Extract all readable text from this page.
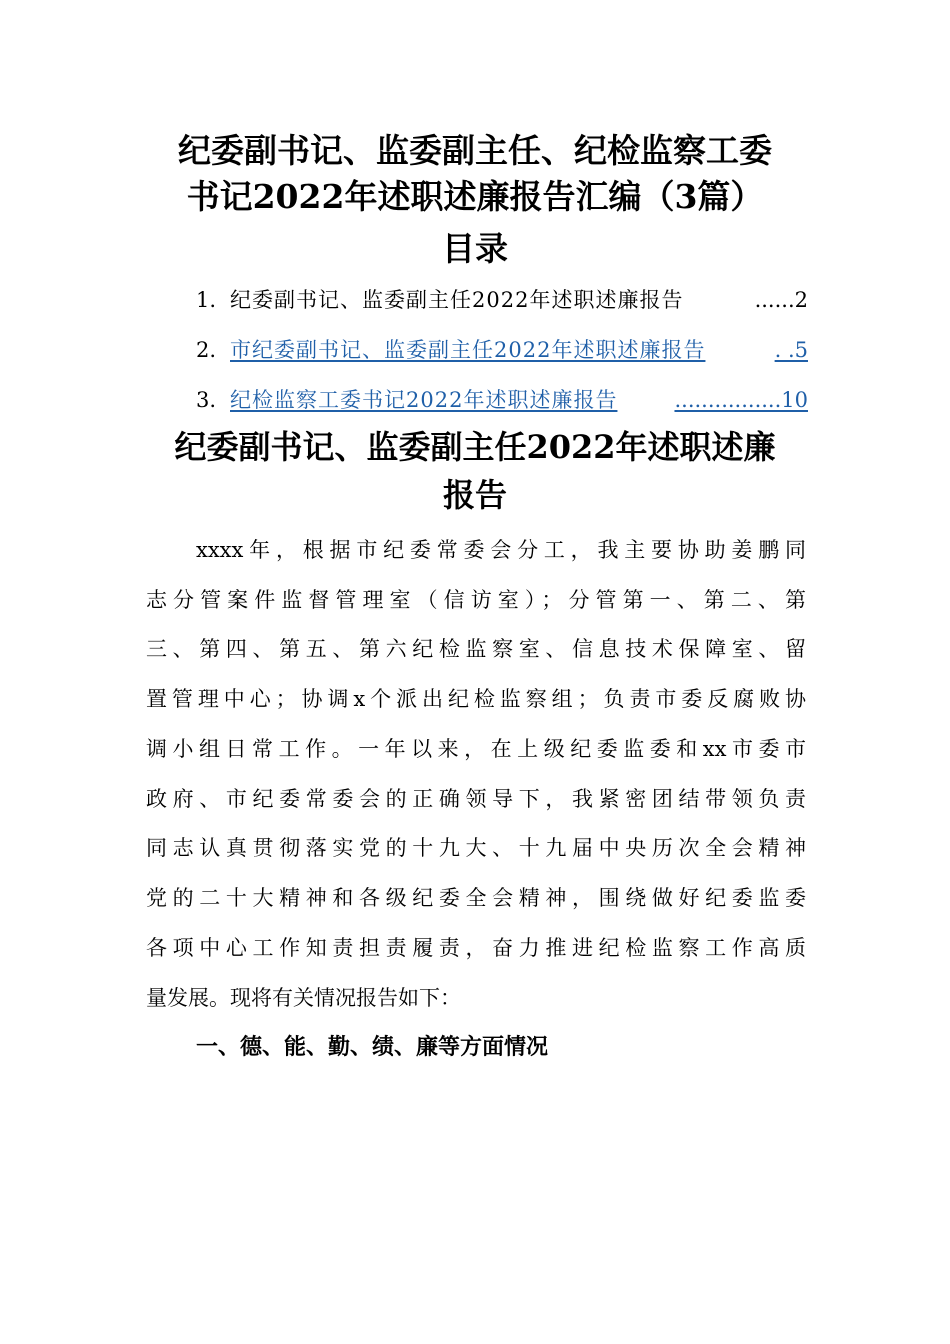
纪委副书记、监委副主任、纪检监察工委
书记2022年述职述廉报告汇编（3篇）
目录
1. 纪委副书记、监委副主任2022年述职述廉报告	......2
2. 市纪委副书记、监委副主任2022年述职述廉报告	. .5
3. 纪检监察工委书记2022年述职述廉报告	................10
纪委副书记、监委副主任2022年述职述廉
报告
xxxx年，根据市纪委常委会分工，我主要协助姜鹏同
志分管案件监督管理室（信访室）；分管第一、第二、第
三、第四、第五、第六纪检监察室、信息技术保障室、留
置管理中心；协调x个派出纪检监察组；负责市委反腐败协
调小组日常工作。一年以来，在上级纪委监委和xx市委市
政府、市纪委常委会的正确领导下，我紧密团结带领负责
同志认真贯彻落实党的十九大、十九届中央历次全会精神
党的二十大精神和各级纪委全会精神，围绕做好纪委监委
各项中心工作知责担责履责，奋力推进纪检监察工作高质
量发展。现将有关情况报告如下：
一、德、能、勤、绩、廉等方面情况
